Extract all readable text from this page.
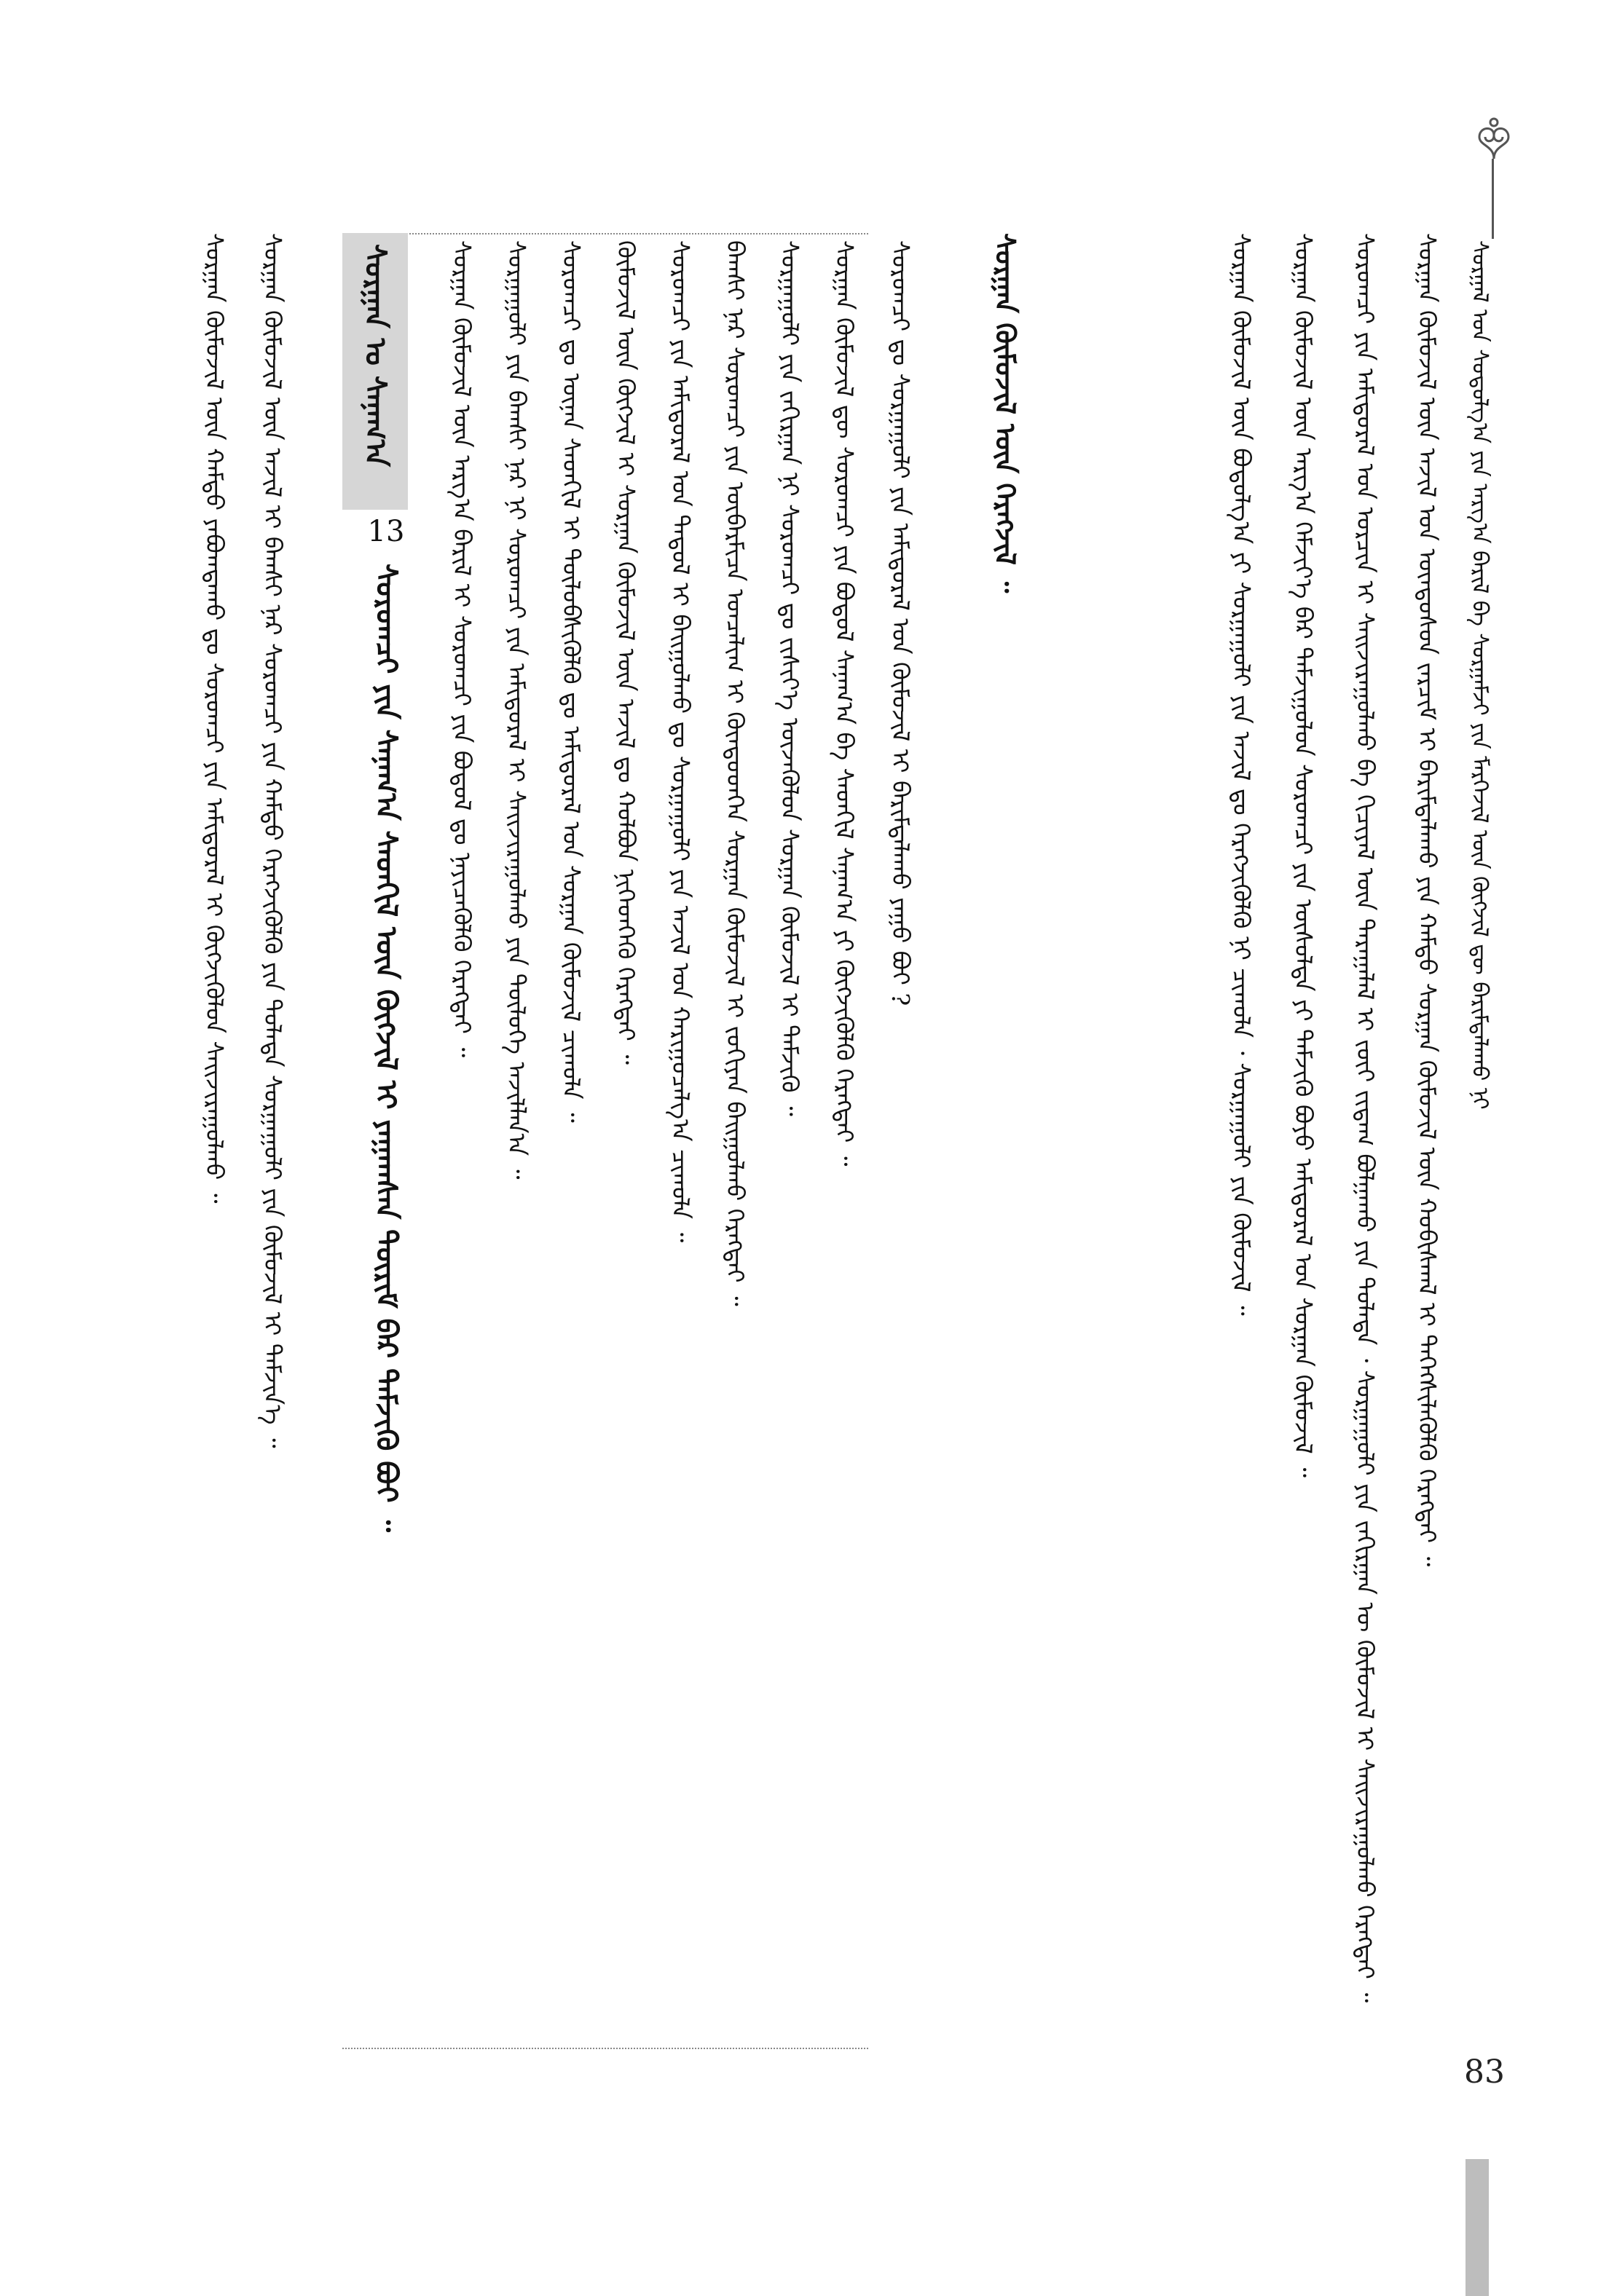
ᠰᠤᠷᠭᠠᠯ ᠤᠨ ᠰᠤᠳᠤᠯᠭ᠎ᠠ ᠶᠢᠨ ᠠᠷᠭ᠎ᠠ ᠪᠠᠷᠢᠯ ᠪᠠ ᠰᠤᠷᠭᠠᠮᠵᠢ ᠶᠢᠨ ᠮᠡᠷᠭᠡᠵᠢᠯ ᠦᠨ ᠬᠦᠭᠵᠢᠯ ᠳᠦ ᠪᠠᠷᠢᠮᠲᠠᠯᠠᠬᠤ ᠨᠢ
ᠰᠤᠷᠭᠠᠨ ᠬᠦᠮᠦᠵᠢᠯ ᠦᠨ ᠠᠵᠢᠯ ᠤᠨ ᠦᠨᠳᠦᠰᠦᠨ ᠵᠠᠷᠴᠢᠮ ᠢ ᠪᠠᠷᠢᠮᠲᠠᠯᠠᠬᠤ ᠶᠢᠨ ᠬᠠᠮᠲᠤ ᠰᠤᠷᠭᠠᠨ ᠬᠦᠮᠦᠵᠢᠯ ᠦᠨ ᠬᠤᠪᠢᠰᠬᠠᠯ ᠢ ᠳᠡᠭᠡᠭᠰᠢᠯᠡᠭᠦᠯᠬᠦ ᠬᠡᠷᠡᠭᠲᠡᠢ ᠃
ᠰᠤᠷᠤᠭᠴᠢ ᠶᠢᠨ ᠠᠮᠢᠳᠤᠷᠠᠯ ᠤᠨ ᠤᠷᠴᠢᠨ ᠢ ᠰᠠᠢᠵᠢᠷᠠᠭᠤᠯᠬᠤ ᠪᠠ ᠬᠢᠴᠢᠶᠡᠯ ᠦᠨ ᠳᠠᠷᠠᠭᠠᠯᠠᠯ ᠢ ᠵᠦᠢ ᠵᠢᠳᠠᠭ ᠪᠣᠯᠭᠠᠬᠤ ᠶᠢᠨ ᠲᠤᠯᠠᠳᠠ ᠂ ᠰᠤᠷᠭᠠᠭᠤᠯᠢ ᠶᠢᠨ ᠵᠠᠬᠢᠷᠭᠠᠨ ᠦ ᠬᠦᠮᠦᠵᠢᠯ ᠢ ᠰᠠᠢᠵᠢᠷᠠᠭᠤᠯᠬᠤ ᠬᠡᠷᠡᠭᠲᠡᠢ ᠃
ᠰᠤᠷᠭᠠᠨ ᠬᠦᠮᠦᠵᠢᠯ ᠦᠨ ᠠᠷᠭ᠎ᠠ ᠬᠡᠮᠵᠢᠶ᠎ᠡ ᠪᠡᠷ ᠳᠠᠮᠵᠢᠭᠤᠯᠤᠨ ᠰᠤᠷᠤᠭᠴᠢ ᠶᠢᠨ ᠥᠰᠦᠯᠲᠡ ᠶᠢ ᠳᠡᠮᠵᠢᠬᠦ ᠪᠤᠶᠤ ᠠᠮᠢᠳᠤᠷᠠᠯ ᠤᠨ ᠰᠤᠷᠭᠠᠨ ᠬᠦᠮᠦᠵᠢᠯ ᠃
ᠰᠤᠷᠭᠠᠨ ᠬᠦᠮᠦᠵᠢᠯ ᠦᠨ ᠪᠣᠳᠤᠯᠭ᠎ᠠ ᠶᠢ ᠰᠤᠷᠭᠠᠭᠤᠯᠢ ᠶᠢᠨ ᠠᠵᠢᠯ ᠳᠤ ᠬᠡᠷᠡᠭᠵᠢᠭᠦᠯᠬᠦ ᠨᠢ ᠴᠢᠬᠤᠯᠠ ᠂ ᠰᠤᠷᠭᠠᠭᠤᠯᠢ ᠶᠢᠨ ᠬᠦᠮᠦᠵᠢᠯ ᠃
ᠰᠤᠷᠭᠠᠨ ᠬᠦᠮᠦᠵᠢᠯ ᠦᠨ ᠬᠡᠷᠡᠭᠵᠢᠯ ᠃
ᠰᠤᠷᠭᠠᠨ ᠤ ᠰᠠᠨᠠᠭ᠎ᠠ
13 ᠰᠤᠷᠤᠭᠴᠢ ᠶᠢᠨ ᠰᠠᠨᠠᠭ᠎ᠠ ᠰᠡᠳᠬᠢᠯ ᠦᠨ ᠬᠥᠭᠵᠢᠯ ᠢ ᠶᠠᠭᠠᠭᠰᠠᠨ ᠳᠦᠷᠢᠮ ᠪᠡᠷ ᠳᠡᠮᠵᠢᠬᠦ ᠪᠤᠢ ᠃	ᠰᠤᠷᠤᠭᠴᠢ ᠳᠤ ᠰᠤᠷᠭᠠᠭᠤᠯᠢ ᠶᠢᠨ ᠠᠮᠢᠳᠤᠷᠠᠯ ᠤᠨ ᠬᠦᠮᠦᠵᠢᠯ ᠢ ᠪᠠᠷᠢᠮᠲᠠᠯᠠᠬᠤ ᠶᠠᠭᠤ ᠪᠤᠢ ?
ᠰᠤᠷᠭᠠᠨ ᠬᠦᠮᠦᠵᠢᠯ ᠳᠦ ᠰᠤᠷᠤᠭᠴᠢ ᠶᠢᠨ ᠪᠣᠳᠣᠯ ᠰᠠᠨᠠᠭ᠎ᠠ ᠪᠠ ᠰᠡᠳᠬᠢᠯ ᠰᠠᠨᠠᠭ᠎ᠠ ᠶᠢ ᠬᠥᠭᠵᠢᠭᠦᠯᠬᠦ ᠬᠡᠷᠡᠭᠲᠡᠢ ᠃
ᠰᠤᠷᠭᠠᠭᠤᠯᠢ ᠶᠢᠨ ᠵᠠᠬᠢᠷᠭᠠᠨ ᠨᠢ ᠰᠤᠷᠤᠭᠴᠢ ᠳᠤ ᠵᠢᠱᠢᠶ᠎ᠡ ᠦᠵᠡᠭᠦᠯᠦᠨ ᠰᠤᠷᠭᠠᠨ ᠬᠦᠮᠦᠵᠢᠯ ᠢ ᠳᠡᠮᠵᠢᠬᠦ ᠃
ᠪᠠᠭᠰᠢ ᠨᠠᠷ ᠰᠤᠷᠤᠭᠴᠢ ᠶᠢᠨ ᠥᠪᠡᠷᠮᠢᠴᠡ ᠣᠨᠴᠠᠯᠢᠭ ᠢ ᠬᠦᠨᠳᠦᠳᠬᠡᠨ ᠰᠤᠷᠭᠠᠨ ᠬᠦᠮᠦᠵᠢᠯ ᠢ ᠵᠣᠬᠢᠶᠠᠨ ᠪᠠᠢᠭᠤᠯᠬᠤ ᠬᠡᠷᠡᠭᠲᠡᠢ ᠃
ᠰᠤᠷᠤᠭᠴᠢ ᠶᠢᠨ ᠠᠮᠢᠳᠤᠷᠠᠯ ᠤᠨ ᠳᠠᠳᠤᠯ ᠢ ᠪᠠᠢᠭᠤᠯᠬᠤ ᠳᠤ ᠰᠤᠷᠭᠠᠭᠤᠯᠢ ᠶᠢᠨ ᠠᠵᠢᠯ ᠤᠨ ᠬᠠᠷᠢᠭᠤᠴᠠᠯᠭ᠎ᠠ ᠴᠢᠬᠤᠯᠠ ᠃
ᠬᠦᠮᠦᠵᠢᠯ ᠦᠨ ᠬᠥᠭᠵᠢᠯ ᠢ ᠰᠤᠷᠭᠠᠨ ᠬᠦᠮᠦᠵᠢᠯ ᠦᠨ ᠠᠵᠢᠯ ᠳᠤ ᠬᠣᠯᠪᠣᠨ ᠨᠢᠭᠡᠳᠬᠡᠬᠦ ᠬᠡᠷᠡᠭᠲᠡᠢ ᠃
ᠰᠤᠷᠤᠭᠴᠢ ᠳᠤ ᠦᠨᠡᠨ ᠰᠡᠳᠬᠢᠯ ᠢ ᠲᠥᠯᠦᠪᠰᠢᠭᠦᠯᠬᠦ ᠳᠤ ᠠᠮᠢᠳᠤᠷᠠᠯ ᠤᠨ ᠰᠤᠷᠭᠠᠨ ᠬᠦᠮᠦᠵᠢᠯ ᠴᠢᠬᠤᠯᠠ ᠃
ᠰᠤᠷᠭᠠᠭᠤᠯᠢ ᠶᠢᠨ ᠪᠠᠭᠰᠢ ᠨᠠᠷ ᠨᠢ ᠰᠤᠷᠤᠭᠴᠢ ᠶᠢᠨ ᠠᠮᠢᠳᠤᠷᠠᠯ ᠢ ᠰᠠᠢᠵᠢᠷᠠᠭᠤᠯᠬᠤ ᠶᠢᠨ ᠲᠥᠯᠦᠭᠡ ᠠᠵᠢᠯᠯᠠᠨ᠎ᠠ ᠃
ᠰᠤᠷᠭᠠᠨ ᠬᠦᠮᠦᠵᠢᠯ ᠦᠨ ᠠᠷᠭ᠎ᠠ ᠪᠠᠷᠢᠯ ᠢ ᠰᠤᠷᠤᠭᠴᠢ ᠶᠢᠨ ᠪᠣᠳᠣᠯ ᠳᠤ ᠨᠡᠶᠢᠴᠡᠭᠦᠯᠬᠦ ᠬᠡᠷᠡᠭᠲᠡᠢ ᠃
ᠰᠤᠷᠭᠠᠨ ᠬᠦᠮᠦᠵᠢᠯ ᠦᠨ ᠠᠵᠢᠯ ᠢ ᠪᠠᠭᠰᠢ ᠨᠠᠷ ᠰᠤᠷᠤᠭᠴᠢ ᠶᠢᠨ ᠬᠠᠮᠲᠤ ᠬᠡᠷᠡᠭᠵᠢᠭᠦᠯᠬᠦ ᠶᠢᠨ ᠲᠤᠯᠠᠳᠠ ᠰᠤᠷᠭᠠᠭᠤᠯᠢ ᠶᠢᠨ ᠬᠦᠮᠦᠵᠢᠯ ᠢ ᠳᠡᠮᠵᠢᠨ᠎ᠡ ᠃
ᠰᠤᠷᠭᠠᠨ ᠬᠦᠮᠦᠵᠢᠯ ᠦᠨ ᠬᠠᠮᠲᠤ ᠶᠠᠪᠤᠭᠳᠠᠬᠤ ᠳᠤ ᠰᠤᠷᠤᠭᠴᠢ ᠶᠢᠨ ᠠᠮᠢᠳᠤᠷᠠᠯ ᠢ ᠬᠥᠭᠵᠢᠭᠦᠯᠦᠨ ᠰᠠᠢᠵᠢᠷᠠᠭᠤᠯᠬᠤ ᠃
83
